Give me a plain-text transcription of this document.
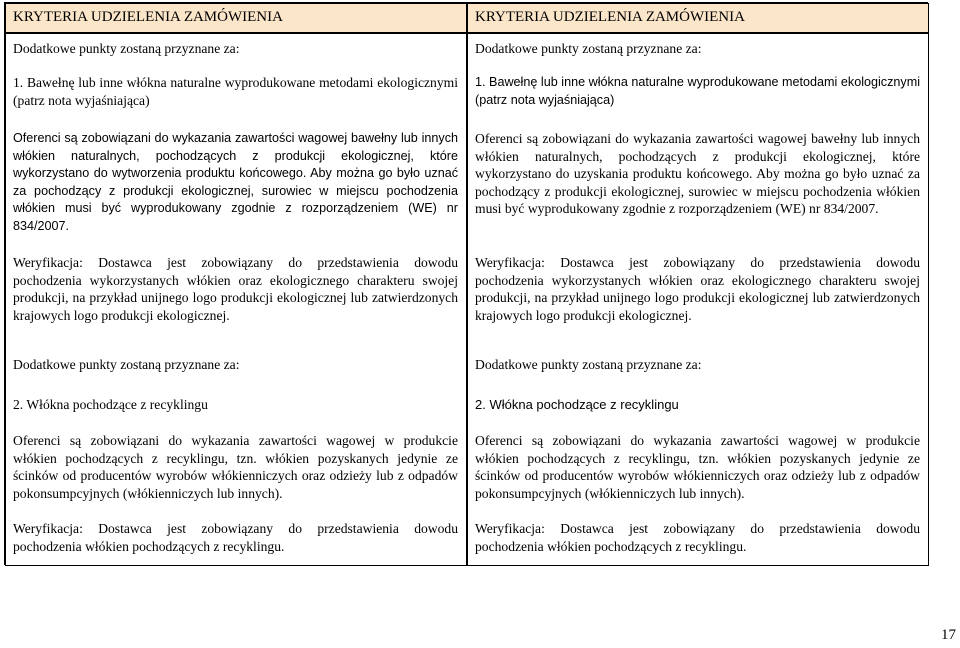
KRYTERIA UDZIELENIA ZAMÓWIENIA	KRYTERIA UDZIELENIA ZAMÓWIENIA

Dodatkowe punkty zostaną przyznane za:

1. Bawełnę lub inne włókna naturalne wyprodukowane metodami ekologicznymi (patrz nota wyjaśniająca)

Oferenci są zobowiązani do wykazania zawartości wagowej bawełny lub innych włókien naturalnych, pochodzących z produkcji ekologicznej, które wykorzystano do wytworzenia produktu końcowego. Aby można go było uznać za pochodzący z produkcji ekologicznej, surowiec w miejscu pochodzenia włókien musi być wyprodukowany zgodnie z rozporządzeniem (WE) nr 834/2007.

Weryfikacja: Dostawca jest zobowiązany do przedstawienia dowodu pochodzenia wykorzystanych włókien oraz ekologicznego charakteru swojej produkcji, na przykład unijnego logo produkcji ekologicznej lub zatwierdzonych krajowych logo produkcji ekologicznej.

Dodatkowe punkty zostaną przyznane za:

2. Włókna pochodzące z recyklingu

Oferenci są zobowiązani do wykazania zawartości wagowej w produkcie włókien pochodzących z recyklingu, tzn. włókien pozyskanych jedynie ze ścinków od producentów wyrobów włókienniczych oraz odzieży lub z odpadów pokonsumpcyjnych (włókienniczych lub innych).

Weryfikacja: Dostawca jest zobowiązany do przedstawienia dowodu pochodzenia włókien pochodzących z recyklingu.

Dodatkowe punkty zostaną przyznane za:

1. Bawełnę lub inne włókna naturalne wyprodukowane metodami ekologicznymi (patrz nota wyjaśniająca)

Oferenci są zobowiązani do wykazania zawartości wagowej bawełny lub innych włókien naturalnych, pochodzących z produkcji ekologicznej, które wykorzystano do uzyskania produktu końcowego. Aby można go było uznać za pochodzący z produkcji ekologicznej, surowiec w miejscu pochodzenia włókien musi być wyprodukowany zgodnie z rozporządzeniem (WE) nr 834/2007.

Weryfikacja: Dostawca jest zobowiązany do przedstawienia dowodu pochodzenia wykorzystanych włókien oraz ekologicznego charakteru swojej produkcji, na przykład unijnego logo produkcji ekologicznej lub zatwierdzonych krajowych logo produkcji ekologicznej.

Dodatkowe punkty zostaną przyznane za:

2. Włókna pochodzące z recyklingu

Oferenci są zobowiązani do wykazania zawartości wagowej w produkcie włókien pochodzących z recyklingu, tzn. włókien pozyskanych jedynie ze ścinków od producentów wyrobów włókienniczych oraz odzieży lub z odpadów pokonsumpcyjnych (włókienniczych lub innych).

Weryfikacja: Dostawca jest zobowiązany do przedstawienia dowodu pochodzenia włókien pochodzących z recyklingu.

17
